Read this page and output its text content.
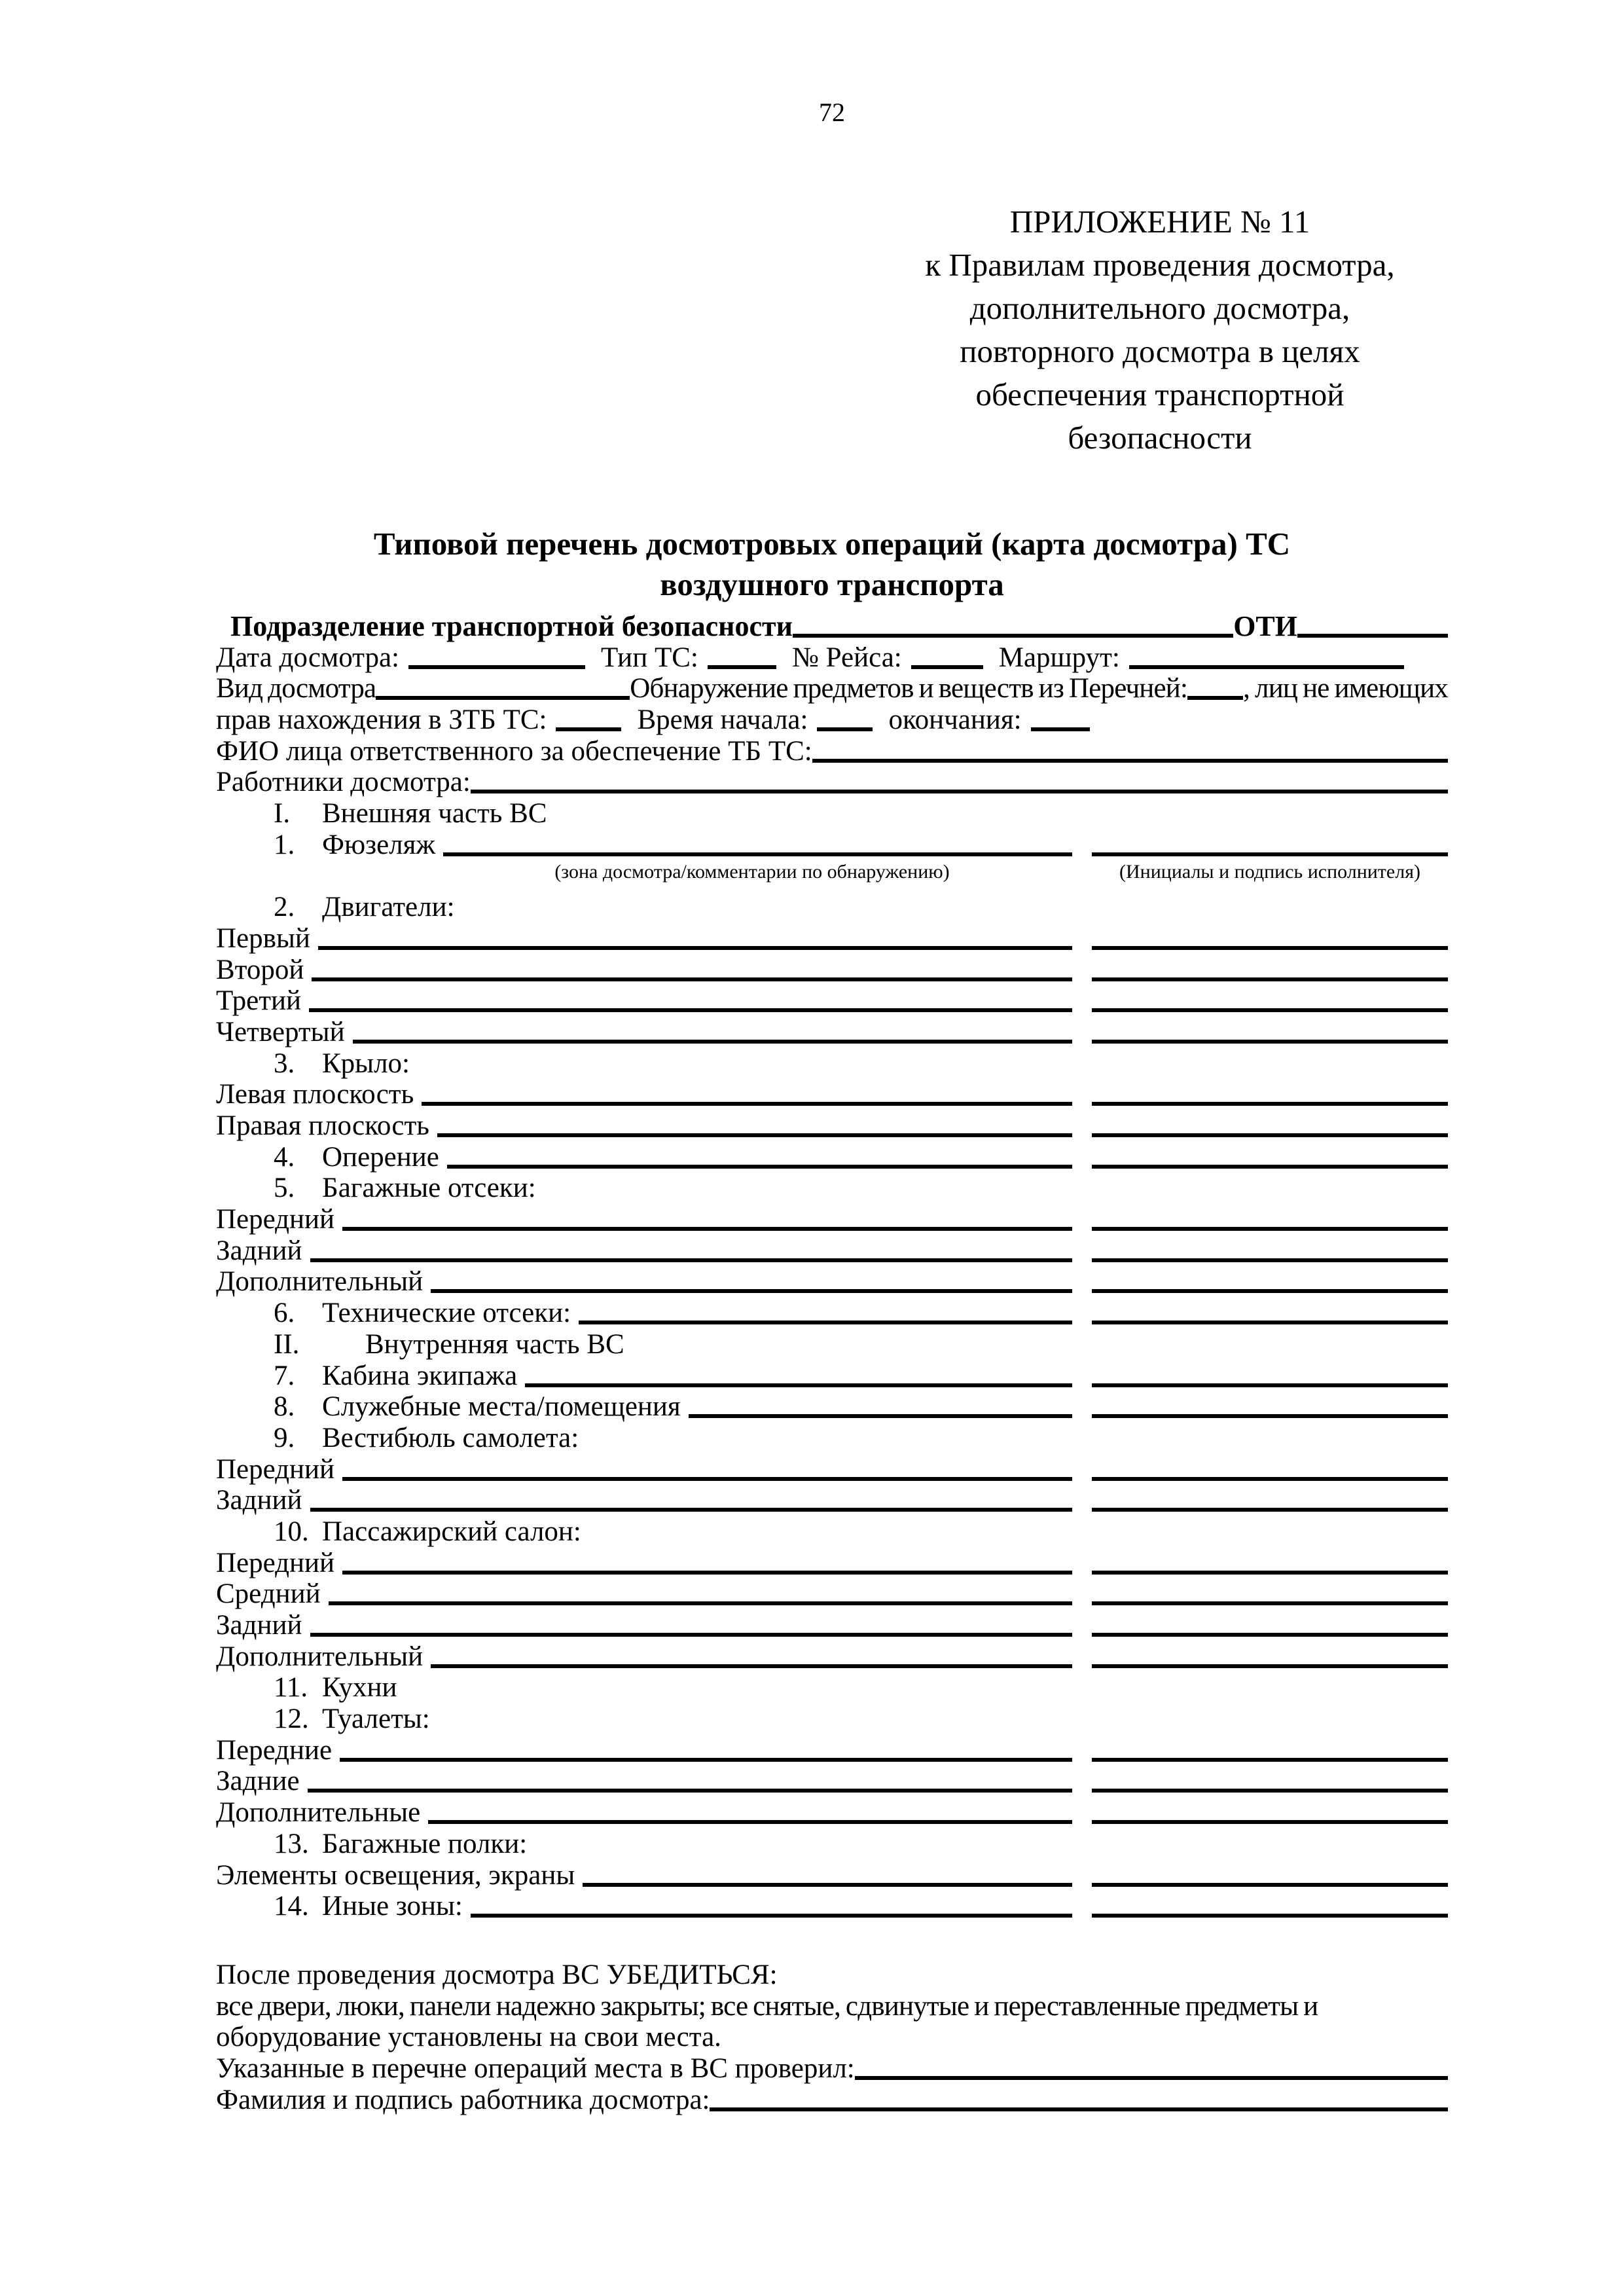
72
ПРИЛОЖЕНИЕ № 11
к Правилам проведения досмотра,
дополнительного досмотра,
повторного досмотра в целях
обеспечения транспортной
безопасности
Типовой перечень досмотровых операций (карта досмотра) ТС
воздушного транспорта
Подразделение транспортной безопасности	ОТИ
Дата досмотра:	Тип ТС:	№ Рейса:	Маршрут:
Вид досмотра	Обнаружение предметов и веществ из Перечней: , лиц не имеющих
прав нахождения в ЗТБ ТС:	Время начала:	окончания:
ФИО лица ответственного за обеспечение ТБ ТС:
Работники досмотра:
I.	Внешняя часть ВС
1. Фюзеляж
(зона досмотра/комментарии по обнаружению)	(Инициалы и подпись исполнителя)
2. Двигатели:
Первый
Второй
Третий
Четвертый
3. Крыло:
Левая плоскость
Правая плоскость
4. Оперение
5. Багажные отсеки:
Передний
Задний
Дополнительный
6. Технические отсеки:
II.	Внутренняя часть ВС
7. Кабина экипажа
8. Служебные места/помещения
9. Вестибюль самолета:
Передний
Задний
10. Пассажирский салон:
Передний
Средний
Задний
Дополнительный
11. Кухни
12. Туалеты:
Передние
Задние
Дополнительные
13. Багажные полки:
Элементы освещения, экраны
14. Иные зоны:
После проведения досмотра ВС УБЕДИТЬСЯ:
все двери, люки, панели надежно закрыты; все снятые, сдвинутые и переставленные предметы и
оборудование установлены на свои места.
Указанные в перечне операций места в ВС проверил:
Фамилия и подпись работника досмотра:
